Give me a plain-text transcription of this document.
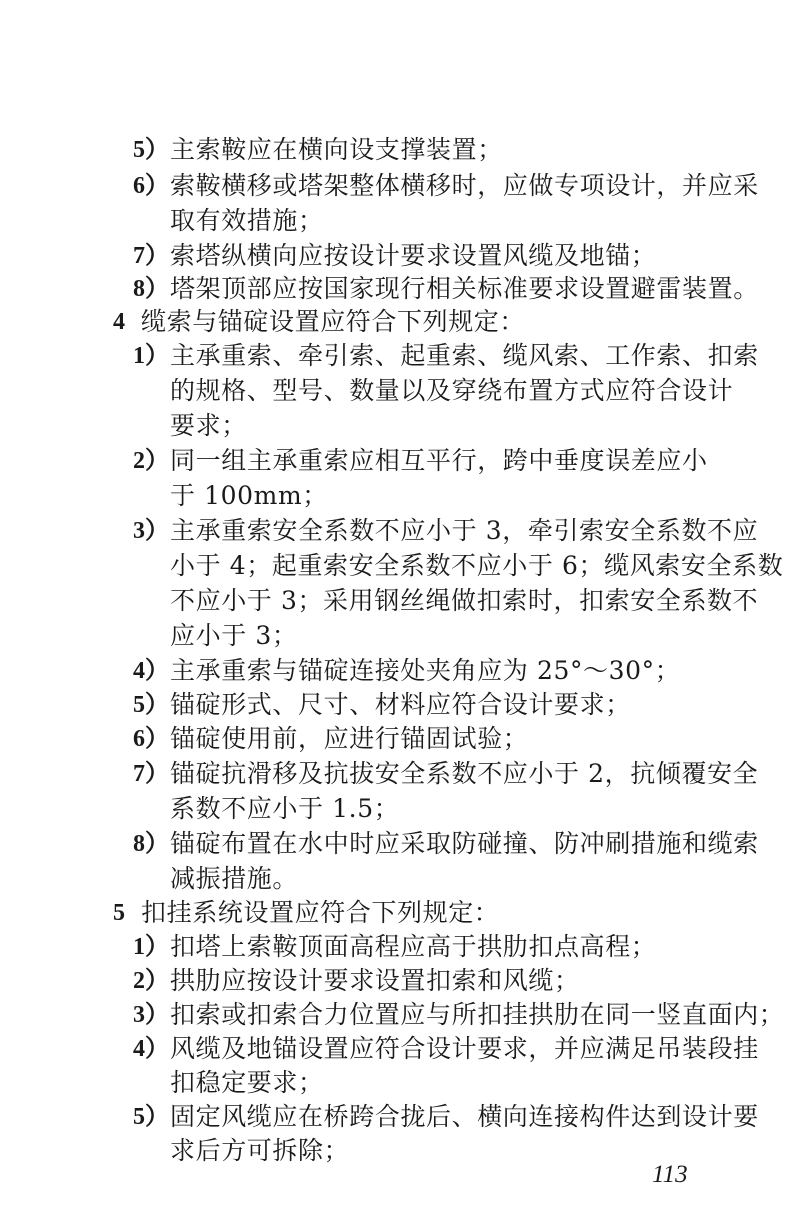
5） 主索鞍应在横向设支撑装置；
6） 索鞍横移或塔架整体横移时，应做专项设计，并应采
取有效措施；
7） 索塔纵横向应按设计要求设置风缆及地锚；
8） 塔架顶部应按国家现行相关标准要求设置避雷装置。
4 缆索与锚碇设置应符合下列规定：
1） 主承重索、牵引索、起重索、缆风索、工作索、扣索
的规格、型号、数量以及穿绕布置方式应符合设计
要求；
2） 同一组主承重索应相互平行，跨中垂度误差应小
于 100mm；
3） 主承重索安全系数不应小于 3，牵引索安全系数不应
小于 4；起重索安全系数不应小于 6；缆风索安全系数
不应小于 3；采用钢丝绳做扣索时，扣索安全系数不
应小于 3；
4） 主承重索与锚碇连接处夹角应为 25°～30°；
5） 锚碇形式、尺寸、材料应符合设计要求；
6） 锚碇使用前，应进行锚固试验；
7） 锚碇抗滑移及抗拔安全系数不应小于 2，抗倾覆安全
系数不应小于 1.5；
8） 锚碇布置在水中时应采取防碰撞、防冲刷措施和缆索
减振措施。
5 扣挂系统设置应符合下列规定：
1） 扣塔上索鞍顶面高程应高于拱肋扣点高程；
2） 拱肋应按设计要求设置扣索和风缆；
3） 扣索或扣索合力位置应与所扣挂拱肋在同一竖直面内；
4） 风缆及地锚设置应符合设计要求，并应满足吊装段挂
扣稳定要求；
5） 固定风缆应在桥跨合拢后、横向连接构件达到设计要
求后方可拆除；
113
